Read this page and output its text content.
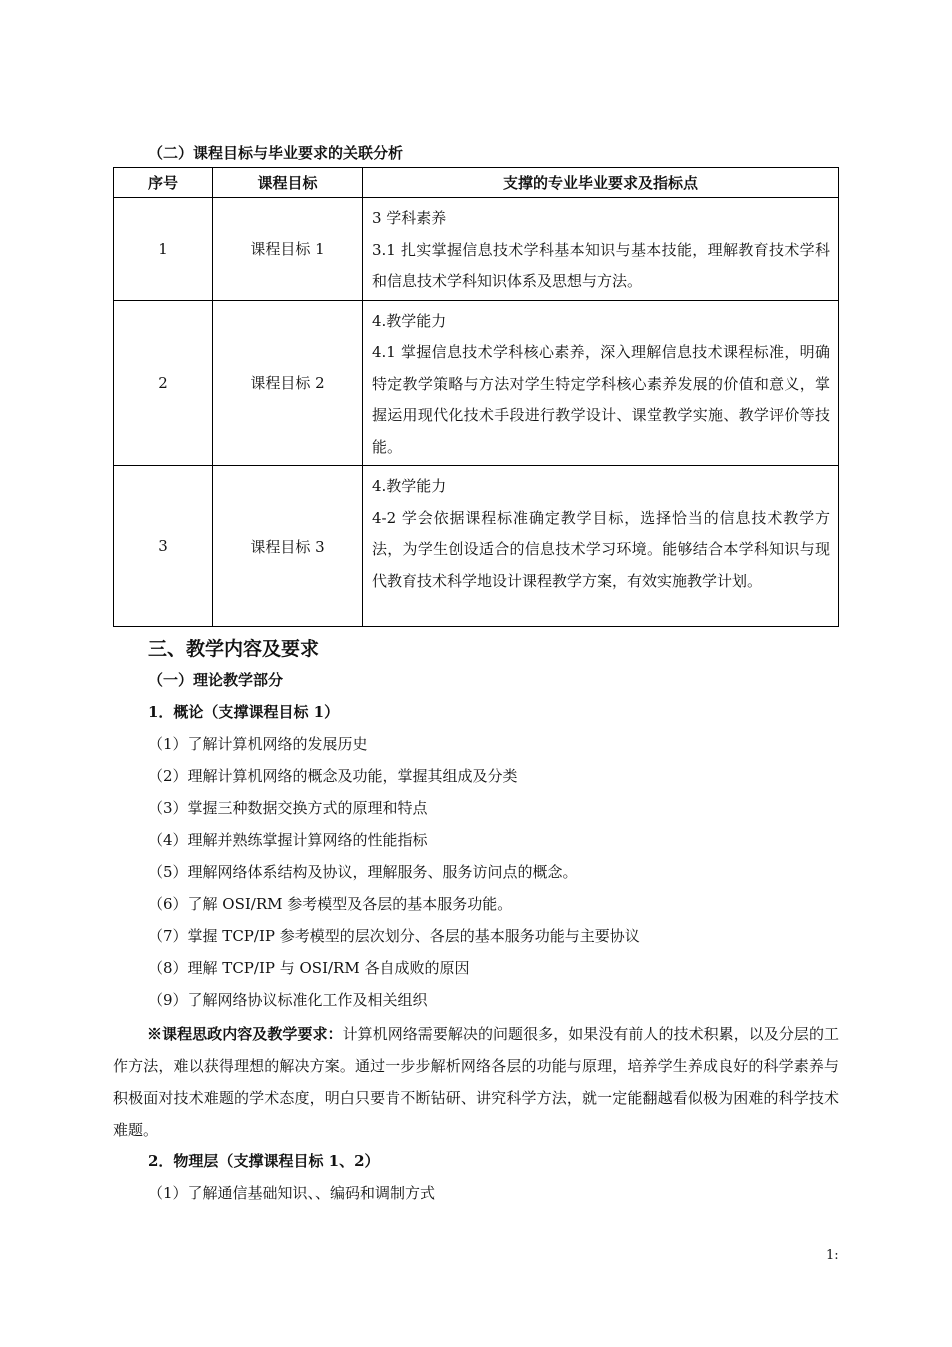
（二）课程目标与毕业要求的关联分析
序号	课程目标	支撑的专业毕业要求及指标点
1	课程目标 1	3 学科素养
3.1 扎实掌握信息技术学科基本知识与基本技能，理解教育技术学科和信息技术学科知识体系及思想与方法。

2	课程目标 2	4.教学能力
4.1 掌握信息技术学科核心素养，深入理解信息技术课程标准，明确特定教学策略与方法对学生特定学科核心素养发展的价值和意义，掌握运用现代化技术手段进行教学设计、课堂教学实施、教学评价等技能。

3	课程目标 3	4.教学能力
4-2 学会依据课程标准确定教学目标，选择恰当的信息技术教学方法，为学生创设适合的信息技术学习环境。能够结合本学科知识与现代教育技术科学地设计课程教学方案，有效实施教学计划。
三、教学内容及要求
（一）理论教学部分
1．概论（支撑课程目标 1）
（1）了解计算机网络的发展历史
（2）理解计算机网络的概念及功能，掌握其组成及分类
（3）掌握三种数据交换方式的原理和特点
（4）理解并熟练掌握计算网络的性能指标
（5）理解网络体系结构及协议，理解服务、服务访问点的概念。
（6）了解 OSI/RM 参考模型及各层的基本服务功能。
（7）掌握 TCP/IP 参考模型的层次划分、各层的基本服务功能与主要协议
（8）理解 TCP/IP 与 OSI/RM 各自成败的原因
（9）了解网络协议标准化工作及相关组织

※课程思政内容及教学要求：计算机网络需要解决的问题很多，如果没有前人的技术积累，以及分层的工作方法，难以获得理想的解决方案。通过一步步解析网络各层的功能与原理，培养学生养成良好的科学素养与积极面对技术难题的学术态度，明白只要肯不断钻研、讲究科学方法，就一定能翻越看似极为困难的科学技术难题。

2．物理层（支撑课程目标 1、2）
（1）了解通信基础知识、、编码和调制方式
1:
